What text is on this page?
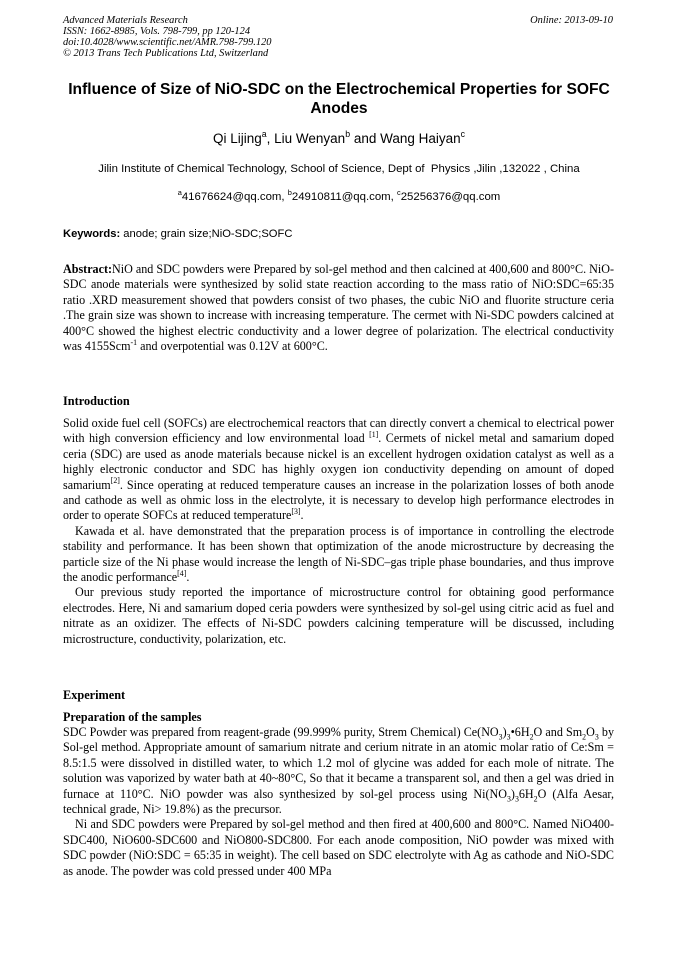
Advanced Materials Research
ISSN: 1662-8985, Vols. 798-799, pp 120-124
doi:10.4028/www.scientific.net/AMR.798-799.120
© 2013 Trans Tech Publications Ltd, Switzerland
Online: 2013-09-10
Influence of Size of NiO-SDC on the Electrochemical Properties for SOFC Anodes
Qi Lijing$^a$, Liu Wenyan$^b$ and Wang Haiyan$^c$
Jilin Institute of Chemical Technology, School of Science, Dept of  Physics ,Jilin ,132022 , China
$^a$41676624@qq.com, $^b$24910811@qq.com, $^c$25256376@qq.com
Keywords: anode; grain size;NiO-SDC;SOFC
Abstract:NiO and SDC powders were Prepared by sol-gel method and then calcined at 400,600 and 800°C. NiO-SDC anode materials were synthesized by solid state reaction according to the mass ratio of NiO:SDC=65:35 ratio .XRD measurement showed that powders consist of two phases, the cubic NiO and fluorite structure ceria .The grain size was shown to increase with increasing temperature. The cermet with Ni-SDC powders calcined at 400°C showed the highest electric conductivity and a lower degree of polarization. The electrical conductivity was 4155Scm$^{-1}$ and overpotential was 0.12V at 600°C.
Introduction

Solid oxide fuel cell (SOFCs) are electrochemical reactors that can directly convert a chemical to electrical power with high conversion efficiency and low environmental load [1]. Cermets of nickel metal and samarium doped ceria (SDC) are used as anode materials because nickel is an excellent hydrogen oxidation catalyst as well as a highly electronic conductor and SDC has highly oxygen ion conductivity depending on amount of doped samarium[2]. Since operating at reduced temperature causes an increase in the polarization losses of both anode and cathode as well as ohmic loss in the electrolyte, it is necessary to develop high performance electrodes in order to operate SOFCs at reduced temperature[3].

Kawada et al. have demonstrated that the preparation process is of importance in controlling the electrode stability and performance. It has been shown that optimization of the anode microstructure by decreasing the particle size of the Ni phase would increase the length of Ni-SDC–gas triple phase boundaries, and thus improve the anodic performance[4].

Our previous study reported the importance of microstructure control for obtaining good performance electrodes. Here, Ni and samarium doped ceria powders were synthesized by sol-gel using citric acid as fuel and nitrate as an oxidizer. The effects of Ni-SDC powders calcining temperature will be discussed, including microstructure, conductivity, polarization, etc.

Experiment
Preparation of the samples

SDC Powder was prepared from reagent-grade (99.999% purity, Strem Chemical) $Ce(NO_3)_3•6H_2O$ and $Sm_2O_3$ by Sol-gel method. Appropriate amount of samarium nitrate and cerium nitrate in an atomic molar ratio of Ce:Sm = 8.5:1.5 were dissolved in distilled water, to which 1.2 mol of glycine was added for each mole of nitrate. The solution was vaporized by water bath at 40~80°C, So that it became a transparent sol, and then a gel was dried in furnace at 110°C. NiO powder was also synthesized by sol-gel process using $Ni(NO_3)_36H_2O$ (Alfa Aesar, technical grade, Ni> 19.8%) as the precursor.

Ni and SDC powders were Prepared by sol-gel method and then fired at 400,600 and 800°C. Named NiO400-SDC400, NiO600-SDC600 and NiO800-SDC800. For each anode composition, NiO powder was mixed with SDC powder (NiO:SDC = 65:35 in weight). The cell based on SDC electrolyte with Ag as cathode and NiO-SDC as anode. The powder was cold pressed under 400 MPa
